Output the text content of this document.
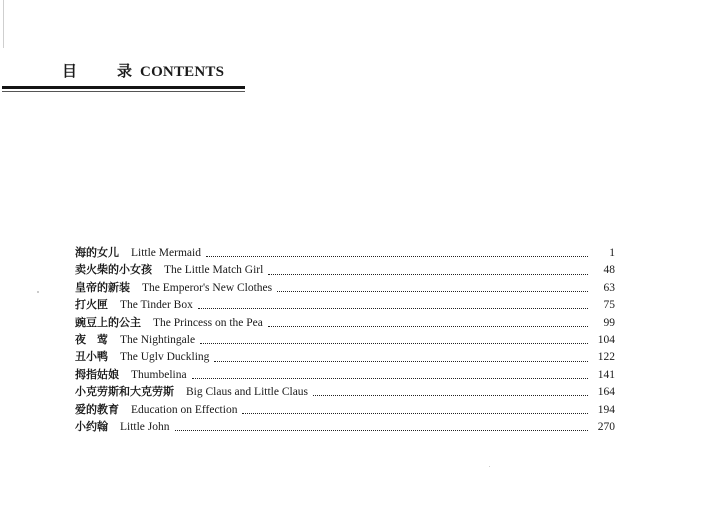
目	录 CONTENTS
海的女儿 Little Mermaid	1
卖火柴的小女孩 The Little Match Girl	48
皇帝的新装 The Emperor's New Clothes	63
打火匣 The Tinder Box	75
豌豆上的公主 The Princess on the Pea	99
夜　莺 The Nightingale	104
丑小鸭 The Uglv Duckling	122
拇指姑娘 Thumbelina	141
小克劳斯和大克劳斯 Big Claus and Little Claus	164
爱的教育 Education on Effection	194
小约翰 Little John	270
